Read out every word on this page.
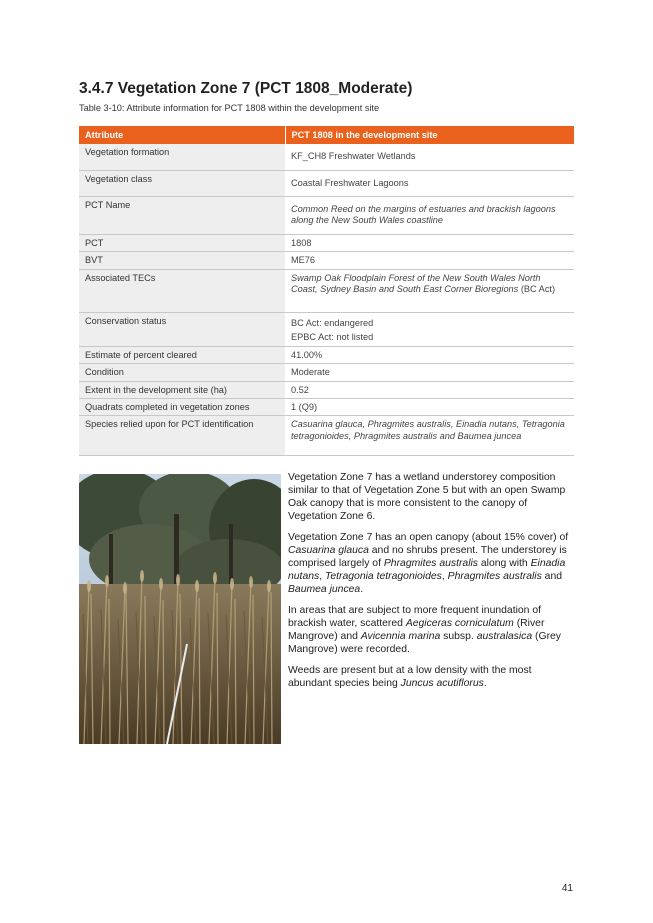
3.4.7 Vegetation Zone 7 (PCT 1808_Moderate)

Table 3-10: Attribute information for PCT 1808 within the development site

Attribute	PCT 1808 in the development site
Vegetation formation	KF_CH8 Freshwater Wetlands
Vegetation class	Coastal Freshwater Lagoons
PCT Name	Common Reed on the margins of estuaries and brackish lagoons along the New South Wales coastline
PCT	1808
BVT	ME76
Associated TECs	Swamp Oak Floodplain Forest of the New South Wales North Coast, Sydney Basin and South East Corner Bioregions (BC Act)
Conservation status	BC Act: endangered
EPBC Act: not listed

Estimate of percent cleared	41.00%
Condition	Moderate
Extent in the development site (ha)	0.52
Quadrats completed in vegetation zones	1 (Q9)
Species relied upon for PCT identification	Casuarina glauca, Phragmites australis, Einadia nutans, Tetragonia tetragonioides, Phragmites australis and Baumea juncea

Vegetation Zone 7 has a wetland understorey composition similar to that of Vegetation Zone 5 but with an open Swamp Oak canopy that is more consistent to the canopy of Vegetation Zone 6.

Vegetation Zone 7 has an open canopy (about 15% cover) of Casuarina glauca and no shrubs present. The understorey is comprised largely of Phragmites australis along with Einadia nutans, Tetragonia tetragonioides, Phragmites australis and Baumea juncea.

In areas that are subject to more frequent inundation of brackish water, scattered Aegiceras corniculatum (River Mangrove) and Avicennia marina subsp. australasica (Grey Mangrove) were recorded.

Weeds are present but at a low density with the most abundant species being Juncus acutiflorus.

41
